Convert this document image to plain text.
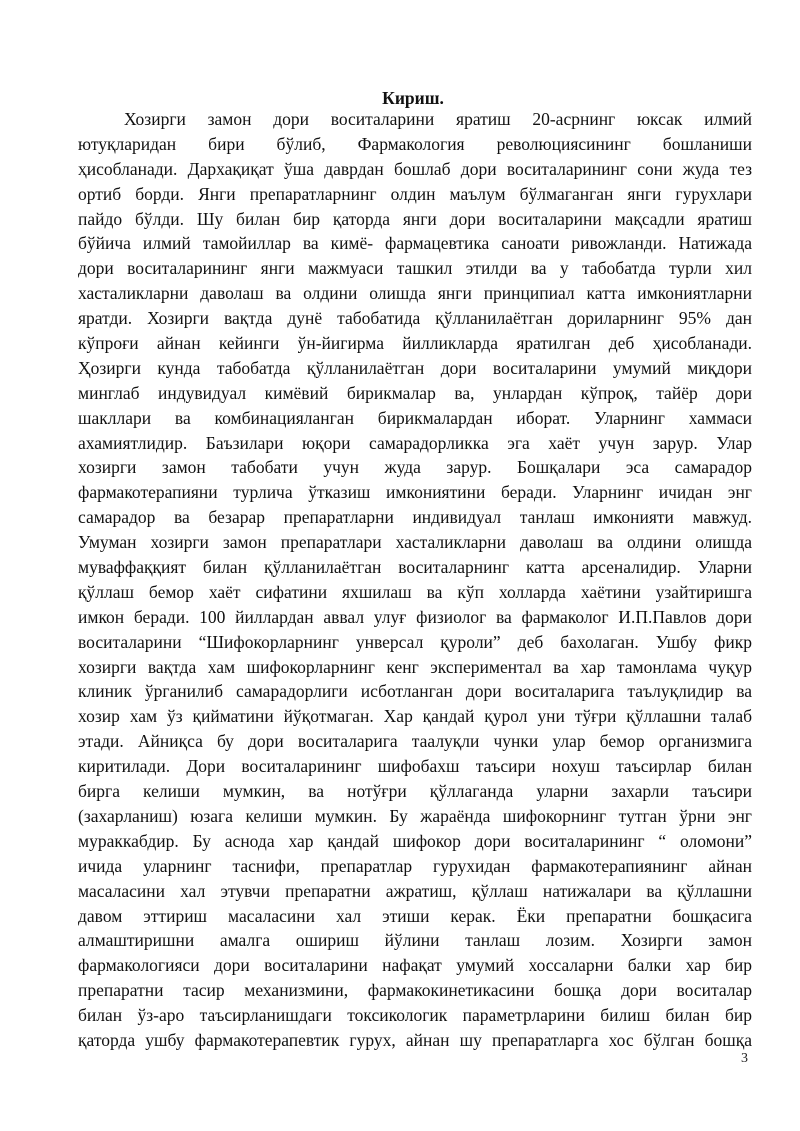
Кириш.
Хозирги замон дори воситаларини яратиш 20-асрнинг юксак илмий
ютуқларидан бири бўлиб, Фармакология революциясининг бошланиши
ҳисобланади. Дархақиқат ўша даврдан бошлаб дори воситаларининг сони жуда тез
ортиб борди. Янги препаратларнинг олдин маълум бўлмаганган янги гурухлари
пайдо бўлди. Шу билан бир қаторда янги дори воситаларини мақсадли яратиш
бўйича илмий тамойиллар ва кимё- фармацевтика саноати ривожланди. Натижада
дори воситаларининг янги мажмуаси ташкил этилди ва у табобатда турли хил
хасталикларни даволаш ва олдини олишда янги принципиал катта имкониятларни
яратди. Хозирги вақтда дунё табобатида қўлланилаётган дориларнинг 95% дан
кўпроғи айнан кейинги ўн-йигирма йилликларда яратилган деб ҳисобланади.
Ҳозирги кунда табобатда қўлланилаётган дори воситаларини умумий миқдори
минглаб индувидуал кимёвий бирикмалар ва, унлардан кўпроқ, тайёр дори
шакллари ва комбинацияланган бирикмалардан иборат. Уларнинг хаммаси
ахамиятлидир. Баъзилари юқори самарадорликка эга хаёт учун зарур. Улар
хозирги замон табобати учун жуда зарур. Бошқалари эса самарадор
фармакотерапияни турлича ўтказиш имкониятини беради. Уларнинг ичидан энг
самарадор ва безарар препаратларни индивидуал танлаш имконияти мавжуд.
Умуман хозирги замон препаратлари хасталикларни даволаш ва олдини олишда
муваффаққият билан қўлланилаётган воситаларнинг катта арсеналидир. Уларни
қўллаш бемор хаёт сифатини яхшилаш ва кўп холларда хаётини узайтиришга
имкон беради. 100 йиллардан аввал улуғ физиолог ва фармаколог И.П.Павлов дори
воситаларини “Шифокорларнинг унверсал қуроли” деб бахолаган. Ушбу фикр
хозирги вақтда хам шифокорларнинг кенг экспериментал ва хар тамонлама чуқур
клиник ўрганилиб самарадорлиги исботланган дори воситаларига таълуқлидир ва
хозир хам ўз қийматини йўқотмаган. Хар қандай қурол уни тўғри қўллашни талаб
этади. Айниқса бу дори воситаларига таалуқли чунки улар бемор организмига
киритилади. Дори воситаларининг шифобахш таъсири нохуш таъсирлар билан
бирга келиши мумкин, ва нотўғри қўллаганда уларни захарли таъсири
(захарланиш) юзага келиши мумкин. Бу жараёнда шифокорнинг тутган ўрни энг
мураккабдир. Бу аснода хар қандай шифокор дори воситаларининг “ оломони”
ичида уларнинг таснифи, препаратлар гурухидан фармакотерапиянинг айнан
масаласини хал этувчи препаратни ажратиш, қўллаш натижалари ва қўллашни
давом эттириш масаласини хал этиши керак. Ёки препаратни бошқасига
алмаштиришни амалга ошириш йўлини танлаш лозим. Хозирги замон
фармакологияси дори воситаларини нафақат умумий хоссаларни балки хар бир
препаратни тасир механизмини, фармакокинетикасини бошқа дори воситалар
билан ўз-аро таъсирланишдаги токсикологик параметрларини билиш билан бир
қаторда ушбу фармакотерапевтик гурух, айнан шу препаратларга хос бўлган бошқа
3
